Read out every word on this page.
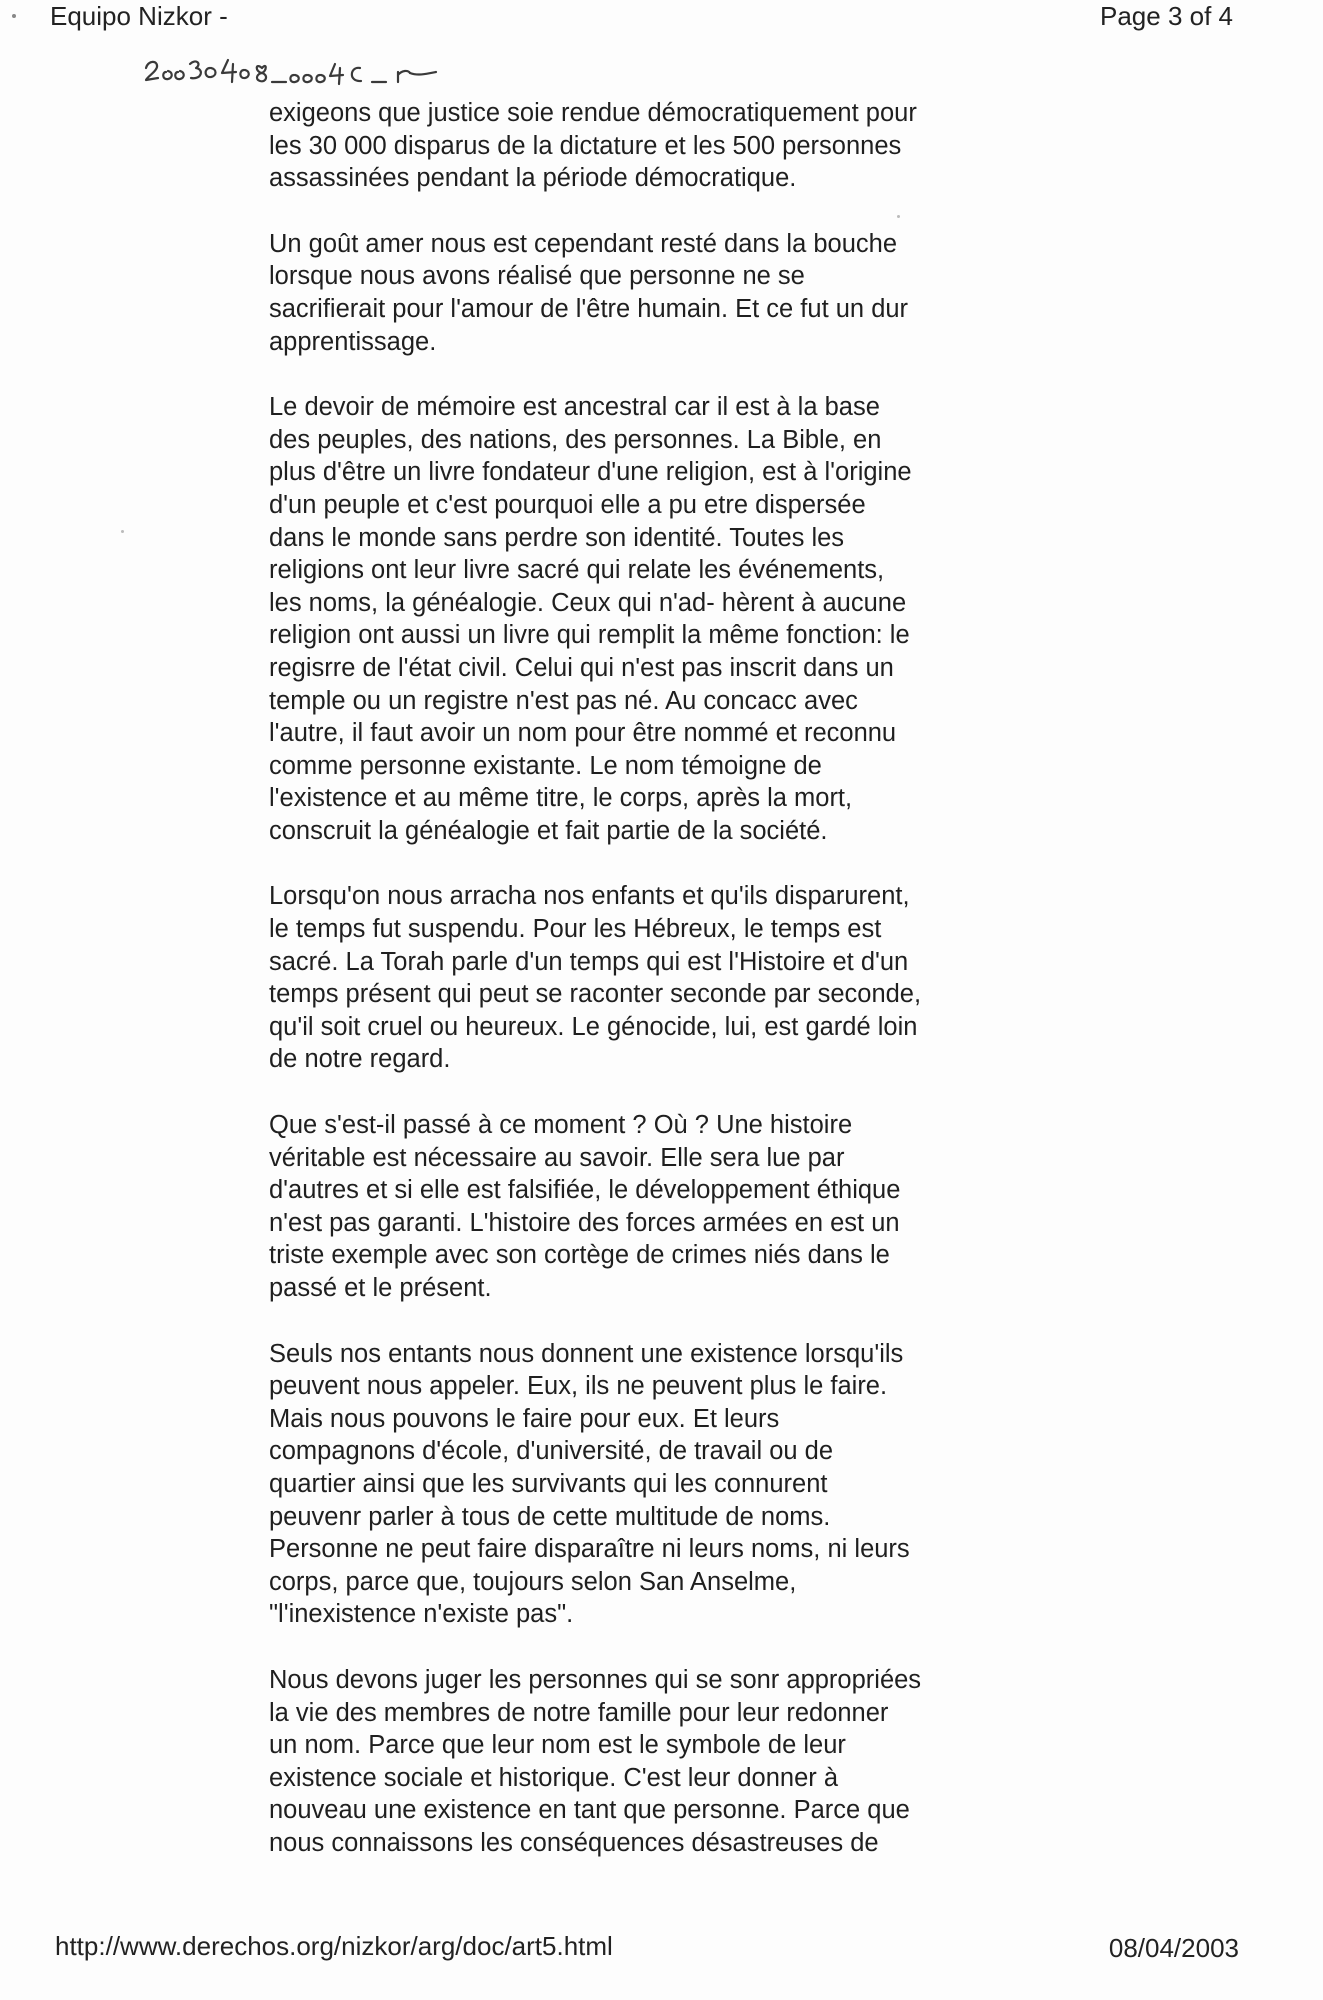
Equipo Nizkor -	Page 3 of 4

exigeons que justice soie rendue démocratiquement pour
les 30 000 disparus de la dictature et les 500 personnes
assassinées pendant la période démocratique.

Un goût amer nous est cependant resté dans la bouche
lorsque nous avons réalisé que personne ne se
sacrifierait pour l'amour de l'être humain. Et ce fut un dur
apprentissage.

Le devoir de mémoire est ancestral car il est à la base
des peuples, des nations, des personnes. La Bible, en
plus d'être un livre fondateur d'une religion, est à l'origine
d'un peuple et c'est pourquoi elle a pu etre dispersée
dans le monde sans perdre son identité. Toutes les
religions ont leur livre sacré qui relate les événements,
les noms, la généalogie. Ceux qui n'ad- hèrent à aucune
religion ont aussi un livre qui remplit la même fonction: le
regisrre de l'état civil. Celui qui n'est pas inscrit dans un
temple ou un registre n'est pas né. Au concacc avec
l'autre, il faut avoir un nom pour être nommé et reconnu
comme personne existante. Le nom témoigne de
l'existence et au même titre, le corps, après la mort,
conscruit la généalogie et fait partie de la société.

Lorsqu'on nous arracha nos enfants et qu'ils disparurent,
le temps fut suspendu. Pour les Hébreux, le temps est
sacré. La Torah parle d'un temps qui est l'Histoire et d'un
temps présent qui peut se raconter seconde par seconde,
qu'il soit cruel ou heureux. Le génocide, lui, est gardé loin
de notre regard.

Que s'est-il passé à ce moment ? Où ? Une histoire
véritable est nécessaire au savoir. Elle sera lue par
d'autres et si elle est falsifiée, le développement éthique
n'est pas garanti. L'histoire des forces armées en est un
triste exemple avec son cortège de crimes niés dans le
passé et le présent.

Seuls nos entants nous donnent une existence lorsqu'ils
peuvent nous appeler. Eux, ils ne peuvent plus le faire.
Mais nous pouvons le faire pour eux. Et leurs
compagnons d'école, d'université, de travail ou de
quartier ainsi que les survivants qui les connurent
peuvenr parler à tous de cette multitude de noms.
Personne ne peut faire disparaître ni leurs noms, ni leurs
corps, parce que, toujours selon San Anselme,
"l'inexistence n'existe pas".

Nous devons juger les personnes qui se sonr appropriées
la vie des membres de notre famille pour leur redonner
un nom. Parce que leur nom est le symbole de leur
existence sociale et historique. C'est leur donner à
nouveau une existence en tant que personne. Parce que
nous connaissons les conséquences désastreuses de

http://www.derechos.org/nizkor/arg/doc/art5.html	08/04/2003
